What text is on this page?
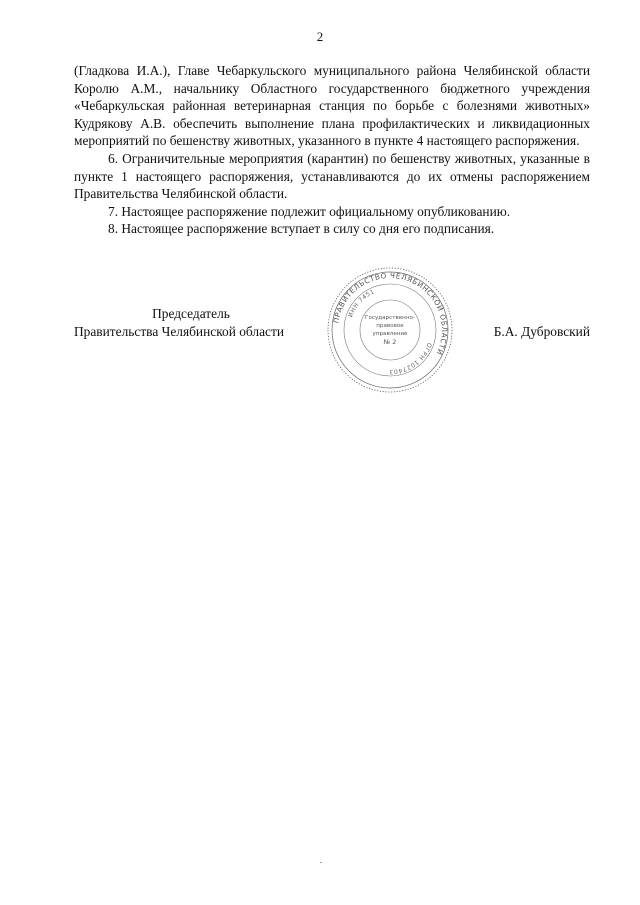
2

(Гладкова И.А.), Главе Чебаркульского муниципального района Челябинской области Королю А.М., начальнику Областного государственного бюджетного учреждения «Чебаркульская районная ветеринарная станция по борьбе с болезнями животных» Кудрякову А.В. обеспечить выполнение плана профилактических и ликвидационных мероприятий по бешенству животных, указанного в пункте 4 настоящего распоряжения.

6. Ограничительные мероприятия (карантин) по бешенству животных, указанные в пункте 1 настоящего распоряжения, устанавливаются до их отмены распоряжением Правительства Челябинской области.

7. Настоящее распоряжение подлежит официальному опубликованию.

8. Настоящее распоряжение вступает в силу со дня его подписания.

Председатель
Правительства Челябинской области	Б.А. Дубровский
ПРАВИТЕЛЬСТВО ЧЕЛЯБИНСКОЙ ОБЛАСТИ
ОГРН 1027403
ИНН 7451
Государственно-
правовое
управление
№ 2
